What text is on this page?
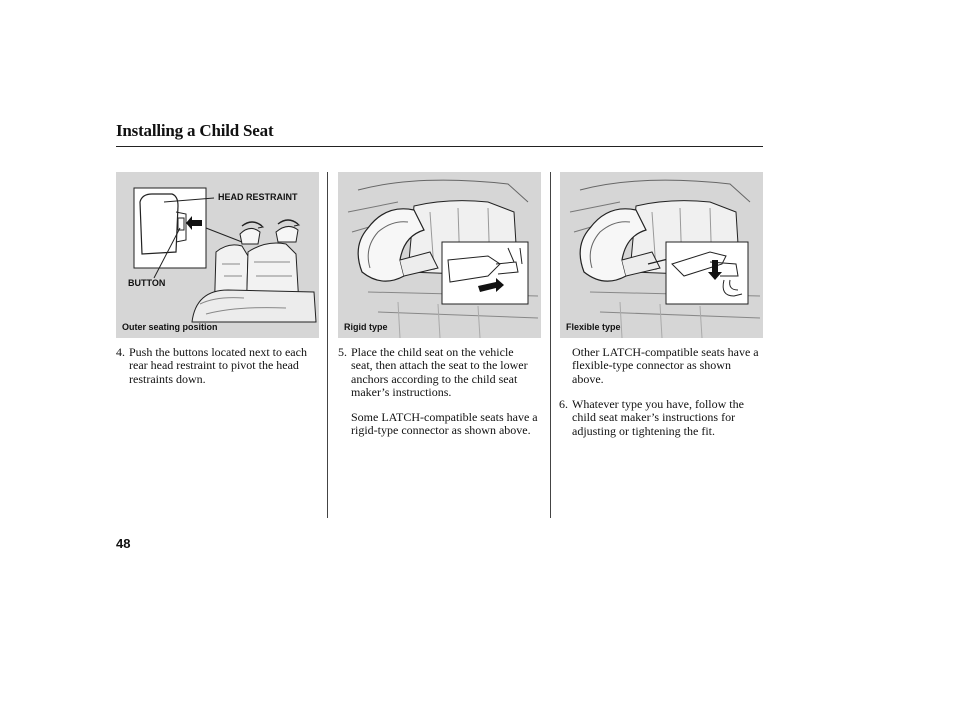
Installing a Child Seat
HEAD RESTRAINT
BUTTON
Outer seating position	Rigid type	Flexible type
4. Push the buttons located next to each rear head restraint to pivot the head restraints down.
5. Place the child seat on the vehicle seat, then attach the seat to the lower anchors according to the child seat maker’s instructions.
Some LATCH-compatible seats have a rigid-type connector as shown above.
Other LATCH-compatible seats have a flexible-type connector as shown above.
6. Whatever type you have, follow the child seat maker’s instructions for adjusting or tightening the fit.
48
